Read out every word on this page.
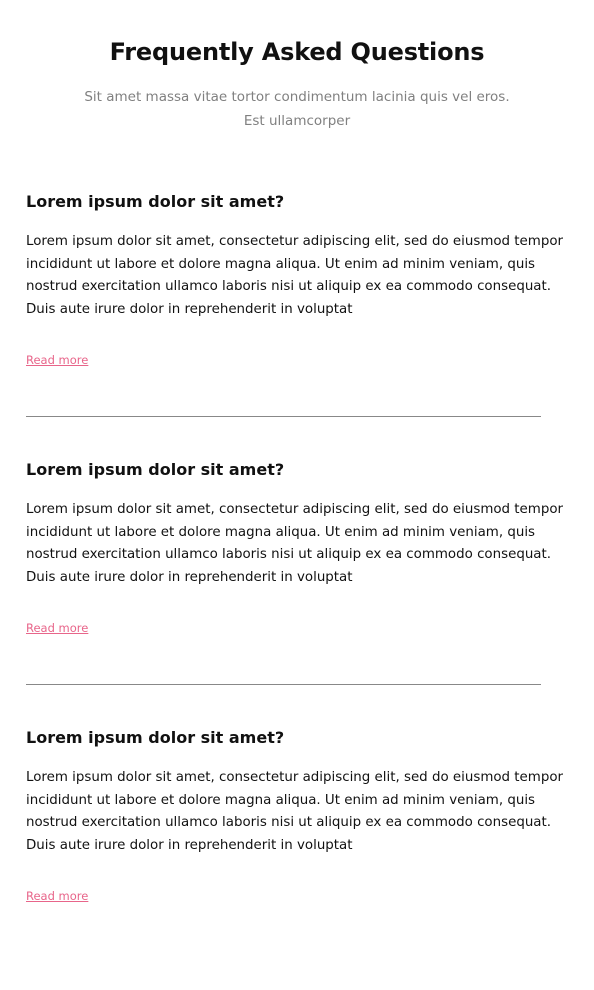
Frequently Asked Questions

Sit amet massa vitae tortor condimentum lacinia quis vel eros. Est ullamcorper

Lorem ipsum dolor sit amet?

Lorem ipsum dolor sit amet, consectetur adipiscing elit, sed do eiusmod tempor incididunt ut labore et dolore magna aliqua. Ut enim ad minim veniam, quis nostrud exercitation ullamco laboris nisi ut aliquip ex ea commodo consequat. Duis aute irure dolor in reprehenderit in voluptat

Read more
Lorem ipsum dolor sit amet?

Lorem ipsum dolor sit amet, consectetur adipiscing elit, sed do eiusmod tempor incididunt ut labore et dolore magna aliqua. Ut enim ad minim veniam, quis nostrud exercitation ullamco laboris nisi ut aliquip ex ea commodo consequat. Duis aute irure dolor in reprehenderit in voluptat

Read more
Lorem ipsum dolor sit amet?

Lorem ipsum dolor sit amet, consectetur adipiscing elit, sed do eiusmod tempor incididunt ut labore et dolore magna aliqua. Ut enim ad minim veniam, quis nostrud exercitation ullamco laboris nisi ut aliquip ex ea commodo consequat. Duis aute irure dolor in reprehenderit in voluptat

Read more
